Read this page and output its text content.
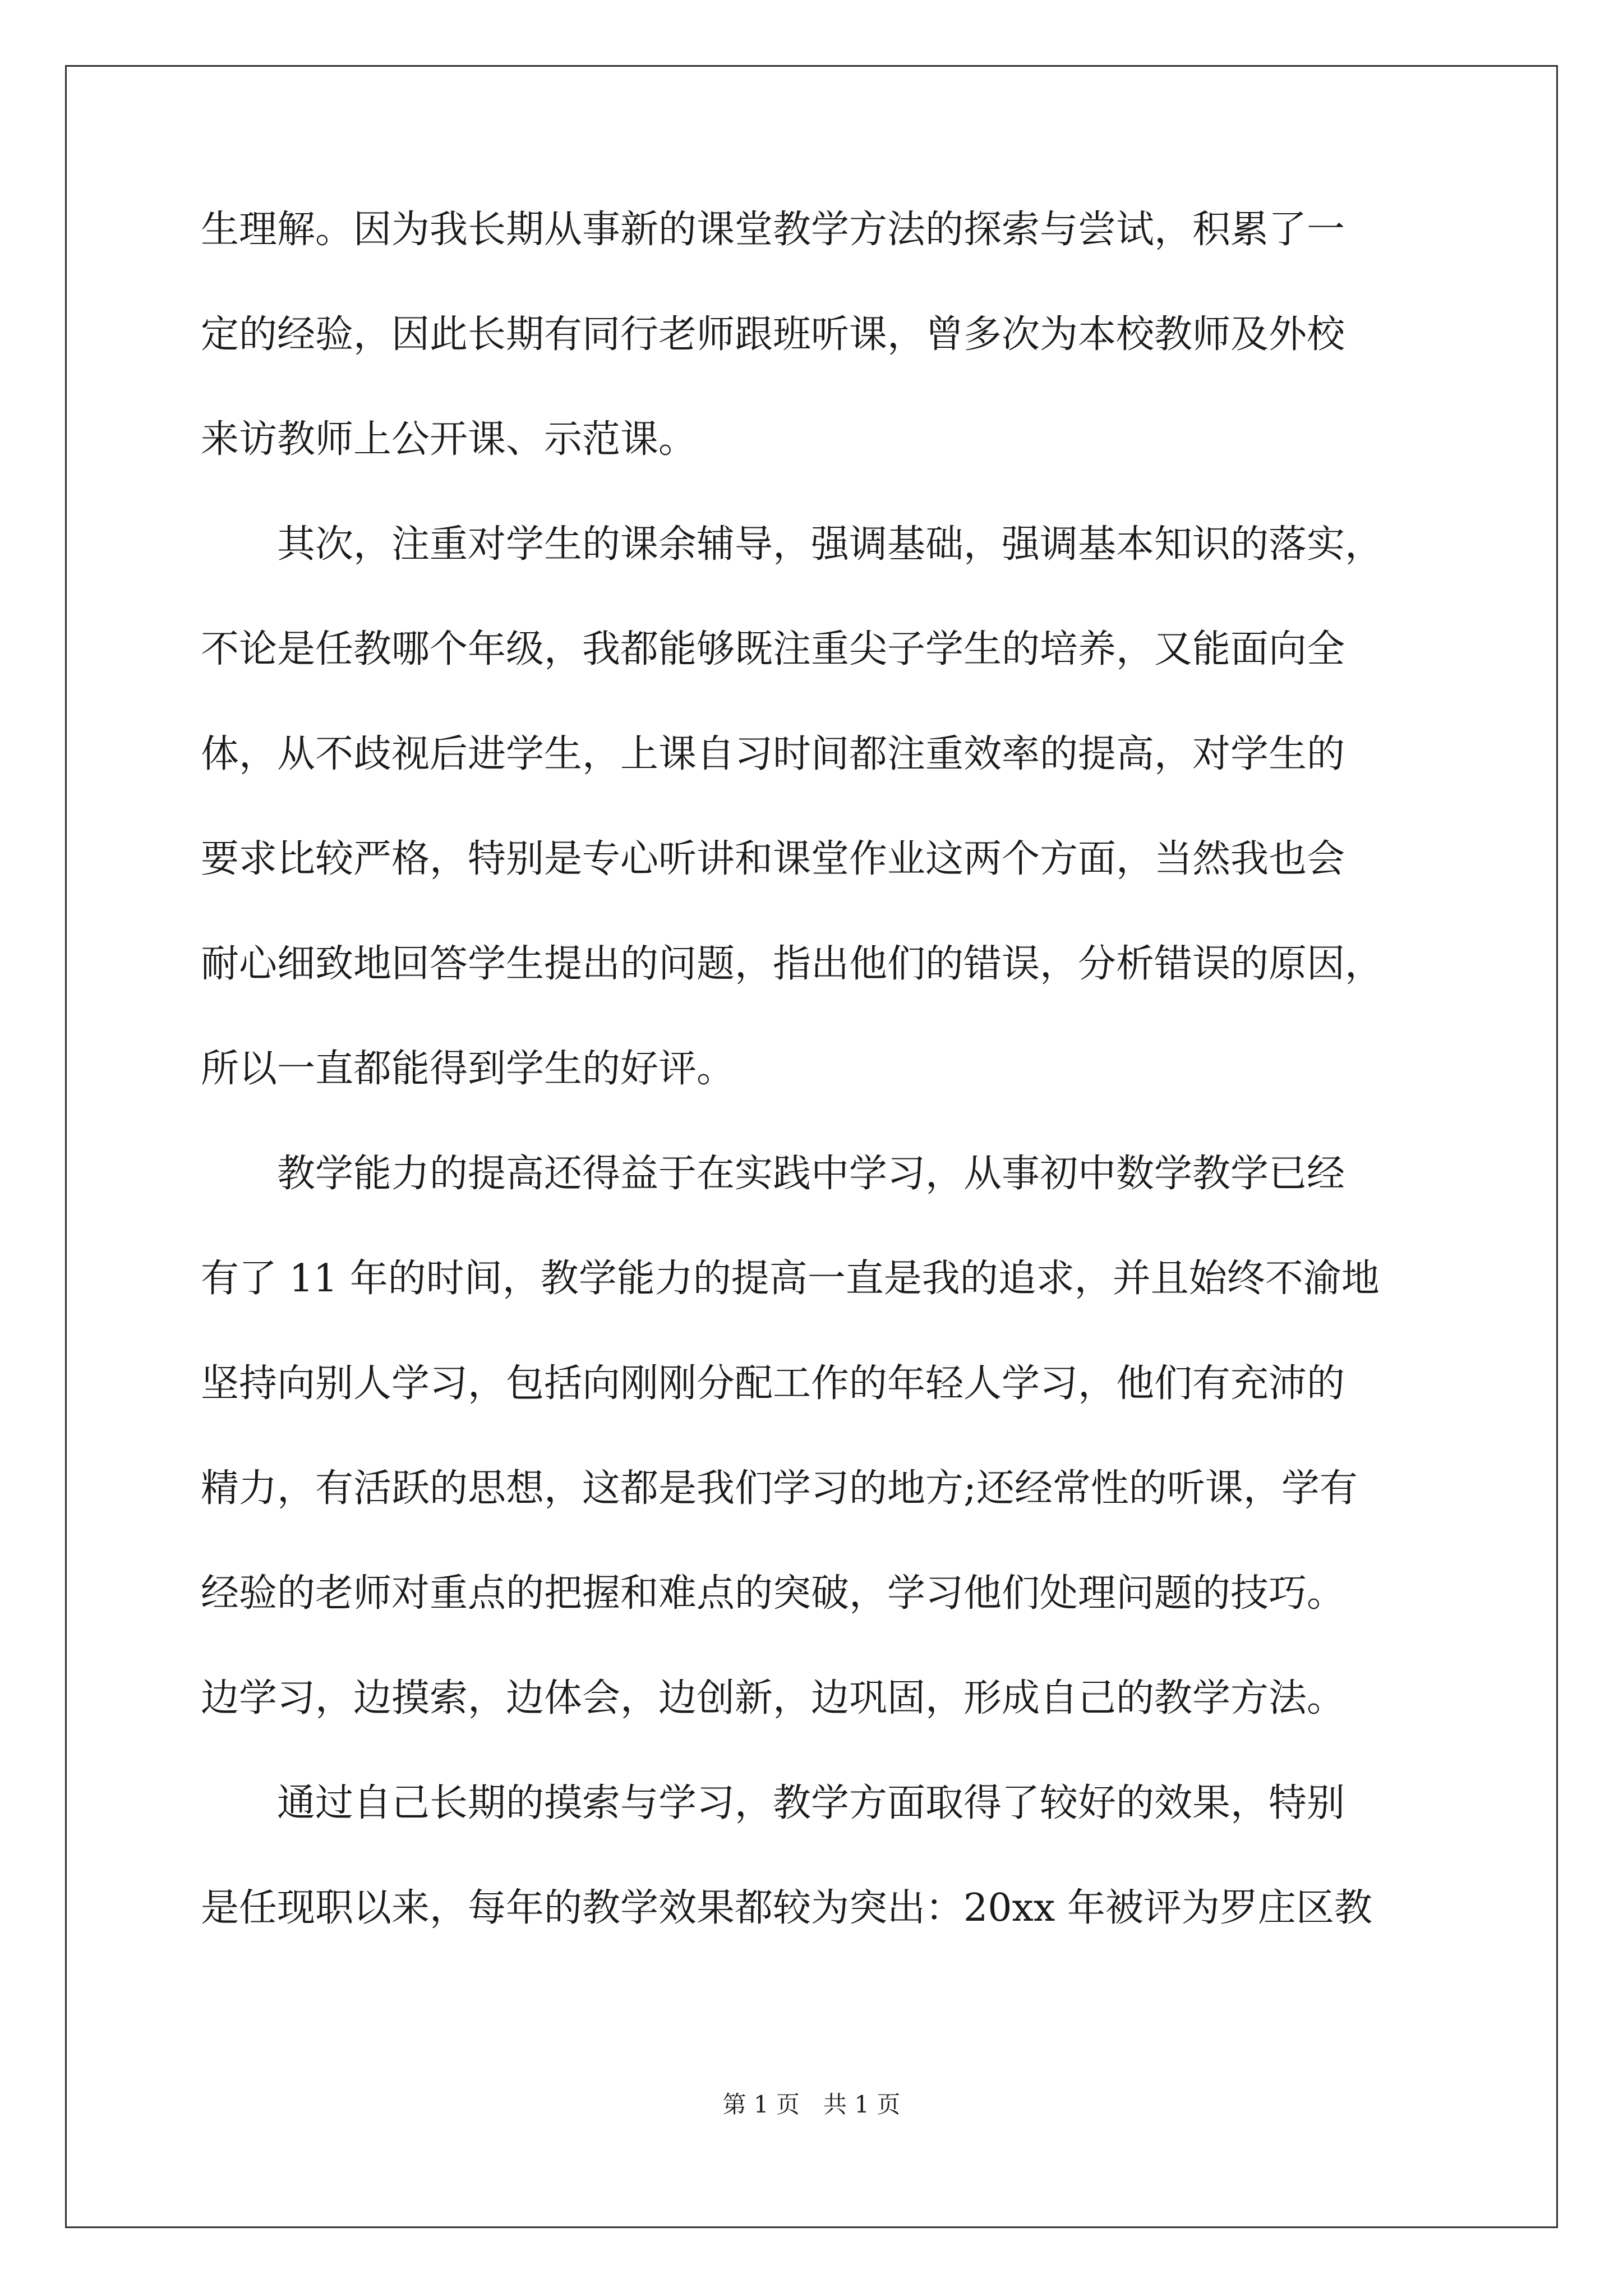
生理解。因为我长期从事新的课堂教学方法的探索与尝试，积累了一
定的经验，因此长期有同行老师跟班听课，曾多次为本校教师及外校
来访教师上公开课、示范课。
　　其次，注重对学生的课余辅导，强调基础，强调基本知识的落实，
不论是任教哪个年级，我都能够既注重尖子学生的培养，又能面向全
体，从不歧视后进学生，上课自习时间都注重效率的提高，对学生的
要求比较严格，特别是专心听讲和课堂作业这两个方面，当然我也会
耐心细致地回答学生提出的问题，指出他们的错误，分析错误的原因，
所以一直都能得到学生的好评。
　　教学能力的提高还得益于在实践中学习，从事初中数学教学已经
有了 11 年的时间，教学能力的提高一直是我的追求，并且始终不渝地
坚持向别人学习，包括向刚刚分配工作的年轻人学习，他们有充沛的
精力，有活跃的思想，这都是我们学习的地方;还经常性的听课，学有
经验的老师对重点的把握和难点的突破，学习他们处理问题的技巧。
边学习，边摸索，边体会，边创新，边巩固，形成自己的教学方法。
　　通过自己长期的摸索与学习，教学方面取得了较好的效果，特别
是任现职以来，每年的教学效果都较为突出：20xx 年被评为罗庄区教
第 1 页　共 1 页
